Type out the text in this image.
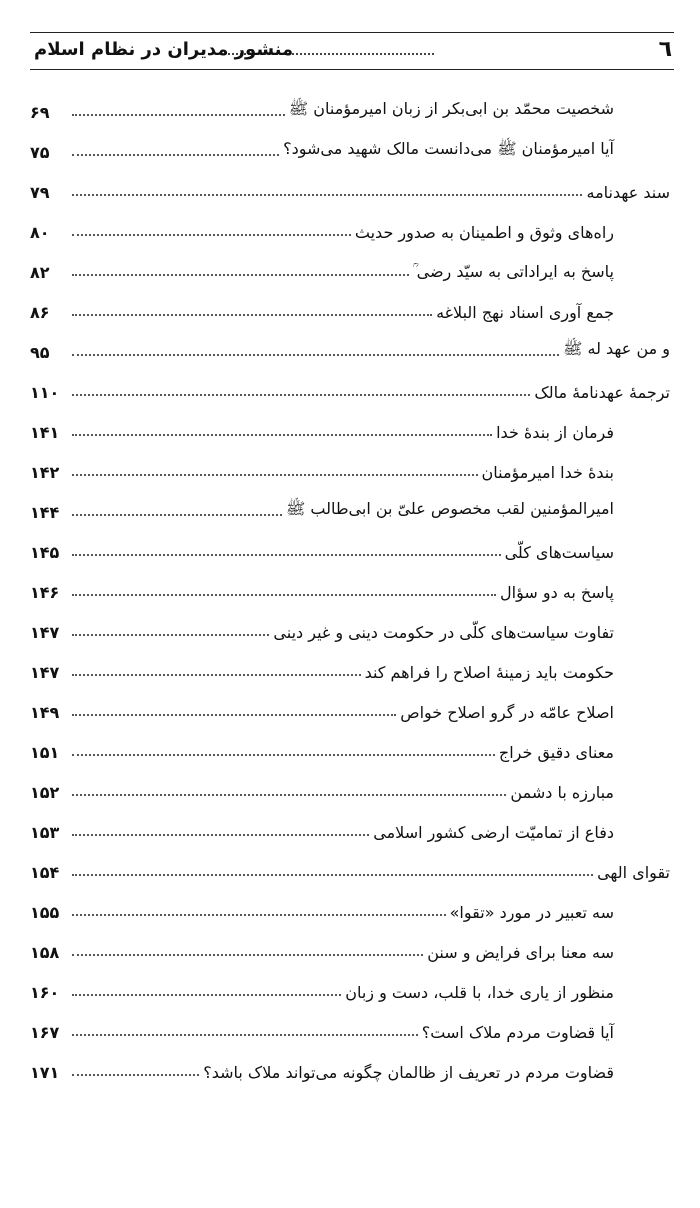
٦
منشور مدیران در نظام اسلام
۶۹	شخصیت محمّد بن ابی‌بکر از زبان امیرمؤمنان ﷺ
۷۵	آیا امیرمؤمنان ﷺ می‌دانست مالک شهید می‌شود؟
۷۹	سند عهدنامه
۸۰	راه‌های وثوق و اطمینان به صدور حدیث
۸۲	پاسخ به ایراداتی به سیّد رضی ؒ
۸۶	جمع آوری اسناد نهج البلاغه
۹۵	و من عهد له ﷺ
۱۱۰	ترجمهٔ عهدنامهٔ مالک
۱۴۱	فرمان از بندهٔ خدا
۱۴۲	بندهٔ خدا امیرمؤمنان
۱۴۴	امیرالمؤمنین لقب مخصوص علیّ بن ابی‌طالب ﷺ
۱۴۵	سیاست‌های کلّی
۱۴۶	پاسخ به دو سؤال
۱۴۷	تفاوت سیاست‌های کلّی در حکومت دینی و غیر دینی
۱۴۷	حکومت باید زمینهٔ اصلاح را فراهم کند
۱۴۹	اصلاح عامّه در گرو اصلاح خواص
۱۵۱	معنای دقیق خراج
۱۵۲	مبارزه با دشمن
۱۵۳	دفاع از تمامیّت ارضی کشور اسلامی
۱۵۴	تقوای الهی
۱۵۵	سه تعبیر در مورد «تقوا»
۱۵۸	سه معنا برای فرایض و سنن
۱۶۰	منظور از یاری خدا، با قلب، دست و زبان
۱۶۷	آیا قضاوت مردم ملاک است؟
۱۷۱	قضاوت مردم در تعریف از ظالمان چگونه می‌تواند ملاک باشد؟
